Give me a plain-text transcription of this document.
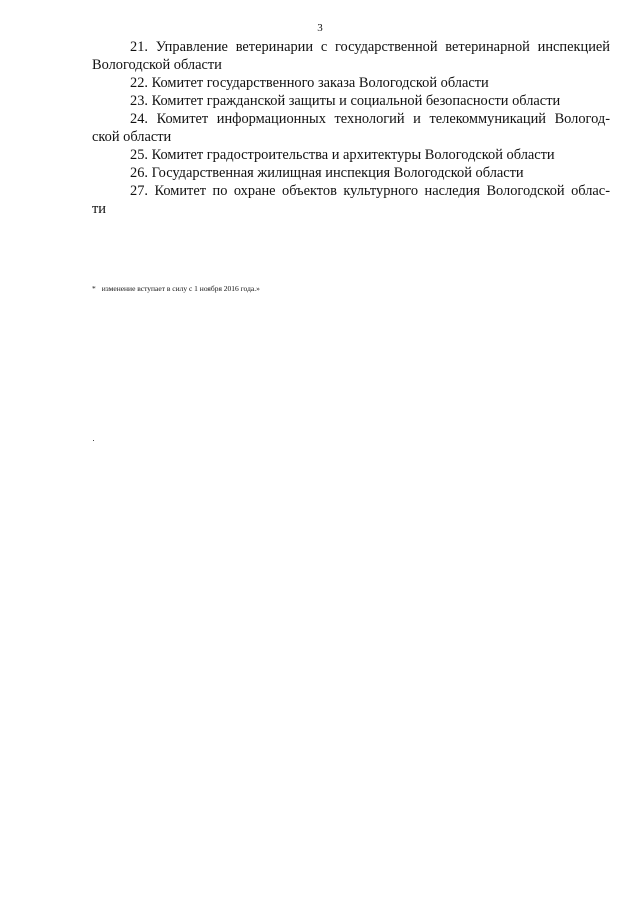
3
21. Управление ветеринарии с государственной ветеринарной инспекцией
Вологодской области
22. Комитет государственного заказа Вологодской области
23. Комитет гражданской защиты и социальной безопасности области
24. Комитет информационных технологий и телекоммуникаций Вологод-
ской области
25. Комитет градостроительства и архитектуры Вологодской области
26. Государственная жилищная инспекция Вологодской области
27. Комитет по охране объектов культурного наследия Вологодской облас-
ти
* изменение вступает в силу с 1 ноября 2016 года.»
